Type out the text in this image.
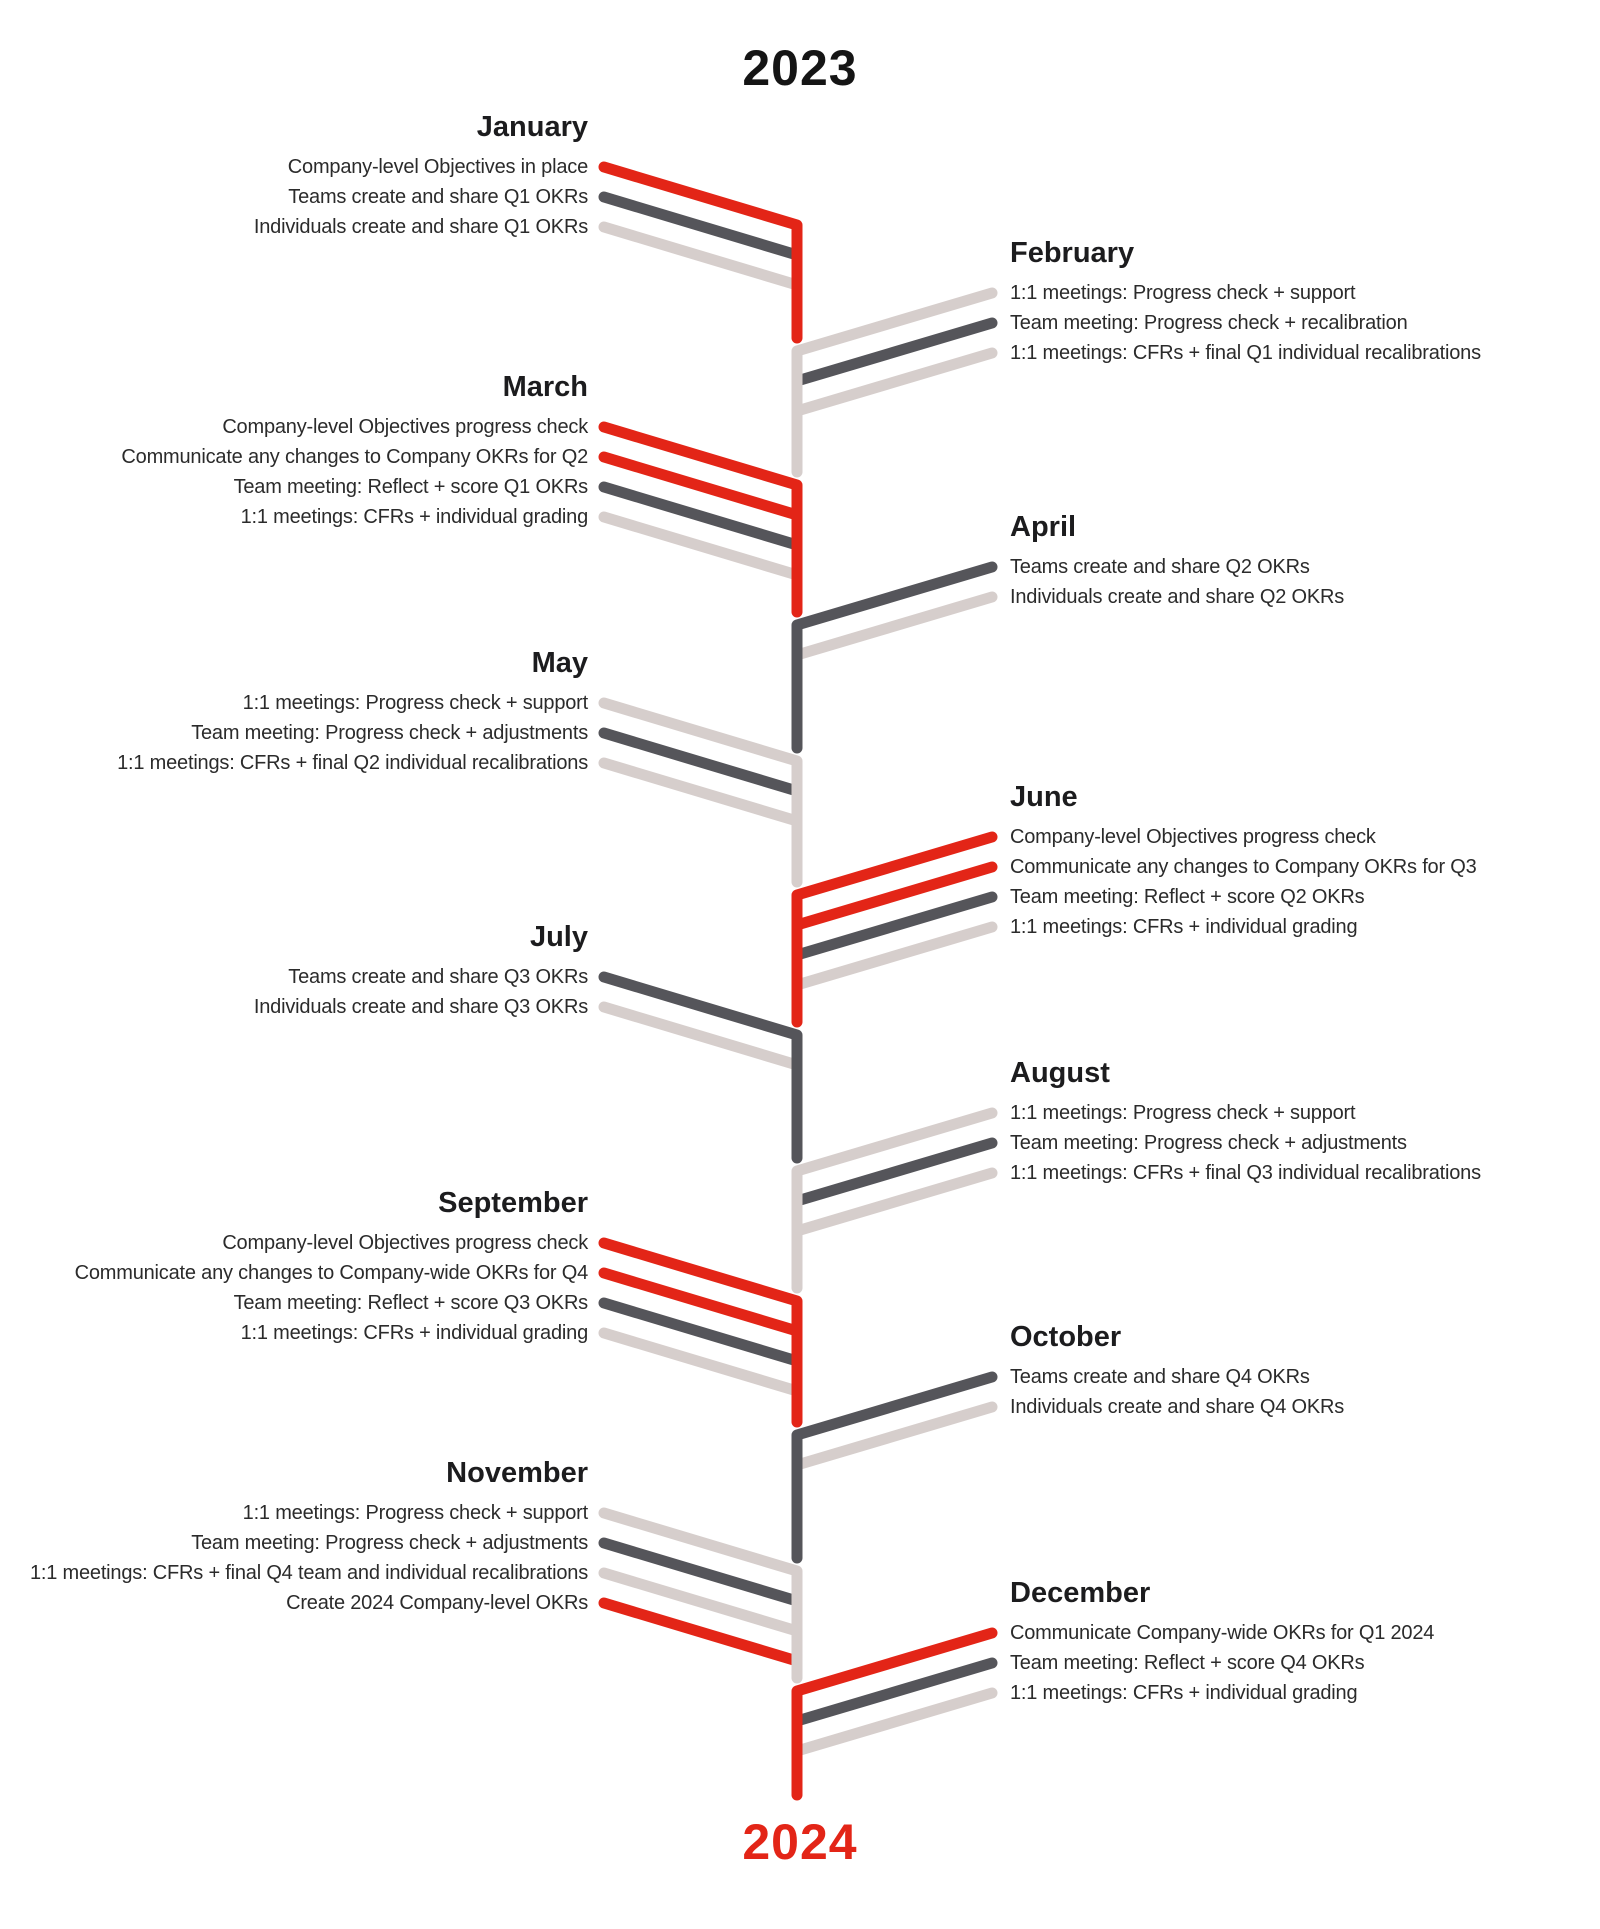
2023
January
Company-level Objectives in place
Teams create and share Q1 OKRs
Individuals create and share Q1 OKRs
February
1:1 meetings: Progress check + support
Team meeting: Progress check + recalibration
1:1 meetings: CFRs + final Q1 individual recalibrations
March
Company-level Objectives progress check
Communicate any changes to Company OKRs for Q2
Team meeting: Reflect + score Q1 OKRs
1:1 meetings: CFRs + individual grading	April
Teams create and share Q2 OKRs
Individuals create and share Q2 OKRs
May
1:1 meetings: Progress check + support
Team meeting: Progress check + adjustments
1:1 meetings: CFRs + final Q2 individual recalibrations
June
Company-level Objectives progress check
Communicate any changes to Company OKRs for Q3
Team meeting: Reflect + score Q2 OKRs
1:1 meetings: CFRs + individual grading
July
Teams create and share Q3 OKRs
Individuals create and share Q3 OKRs
August
1:1 meetings: Progress check + support
Team meeting: Progress check + adjustments
1:1 meetings: CFRs + final Q3 individual recalibrations
September
Company-level Objectives progress check
Communicate any changes to Company-wide OKRs for Q4
Team meeting: Reflect + score Q3 OKRs
1:1 meetings: CFRs + individual grading	October
Teams create and share Q4 OKRs
Individuals create and share Q4 OKRs
November
1:1 meetings: Progress check + support
Team meeting: Progress check + adjustments
1:1 meetings: CFRs + final Q4 team and individual recalibrations
Create 2024 Company-level OKRs	December
Communicate Company-wide OKRs for Q1 2024
Team meeting: Reflect + score Q4 OKRs
1:1 meetings: CFRs + individual grading
2024
